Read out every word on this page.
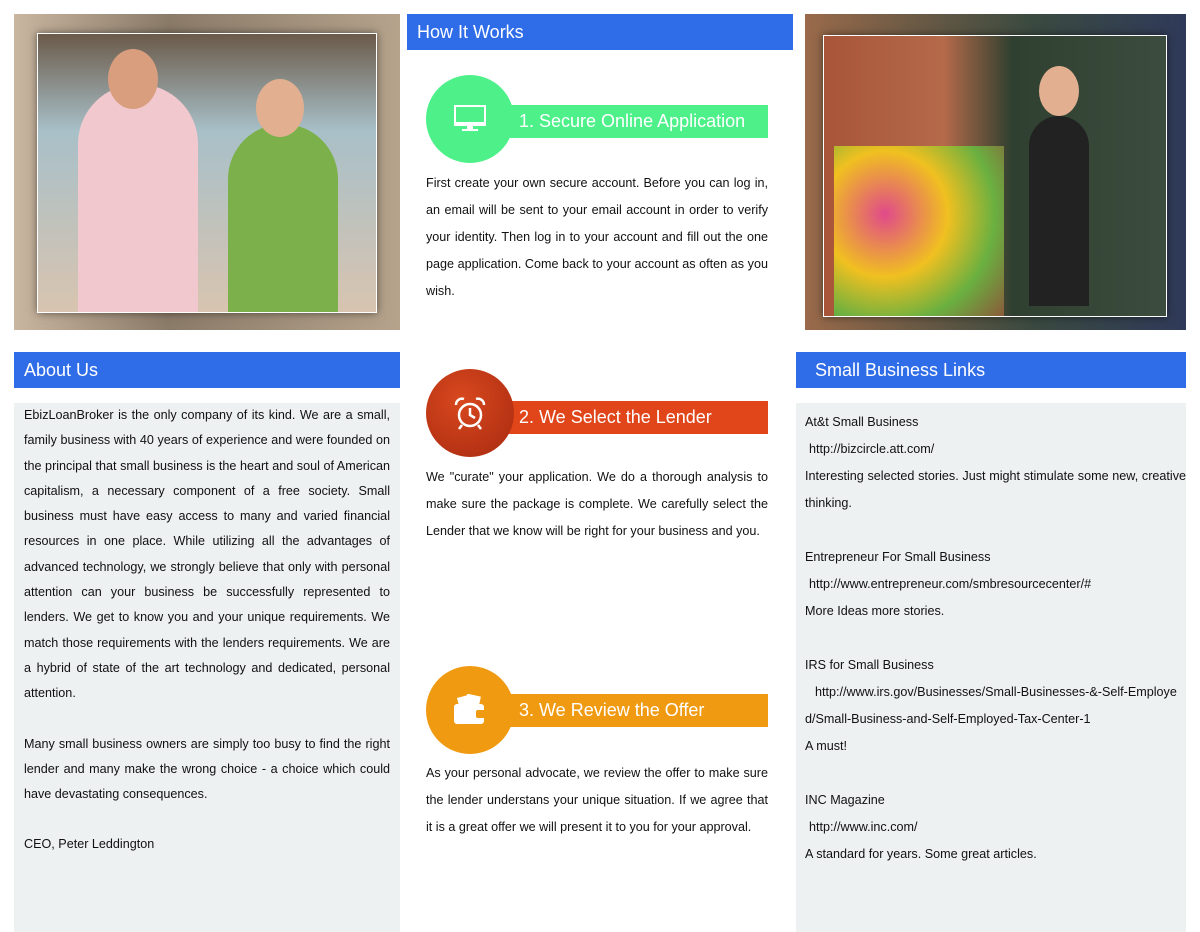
How It Works
1. Secure Online Application
First create your own secure account. Before you can log in, an email will be sent to your email account in order to verify your identity. Then log in to your account and fill out the one page application. Come back to your account as often as you wish.
2. We Select the Lender
We "curate" your application. We do a thorough analysis to make sure the package is complete. We carefully select the Lender that we know will be right for your business and you.
3. We Review the Offer
As your personal advocate, we review the offer to make sure the lender understans your unique situation. If we agree that it is a great offer we will present it to you for your approval.
About Us

EbizLoanBroker is the only company of its kind. We are a small, family business with 40 years of experience and were founded on the principal that small business is the heart and soul of American capitalism, a necessary component of a free society. Small business must have easy access to many and varied financial resources in one place. While utilizing all the advantages of advanced technology, we strongly believe that only with personal attention can your business be successfully represented to lenders. We get to know you and your unique requirements. We match those requirements with the lenders requirements. We are a hybrid of state of the art technology and dedicated, personal attention.

Many small business owners are simply too busy to find the right lender and many make the wrong choice - a choice which could have devastating consequences.

CEO, Peter Leddington

Small Business Links
At&t Small Business
http://bizcircle.att.com/
Interesting selected stories. Just might stimulate some new, creative thinking.
Entrepreneur For Small Business
http://www.entrepreneur.com/smbresourcecenter/#
More Ideas more stories.
IRS for Small Business
http://www.irs.gov/Businesses/Small-Businesses-&-Self-Employed/Small-Business-and-Self-Employed-Tax-Center-1
A must!
INC Magazine
http://www.inc.com/
A standard for years. Some great articles.
